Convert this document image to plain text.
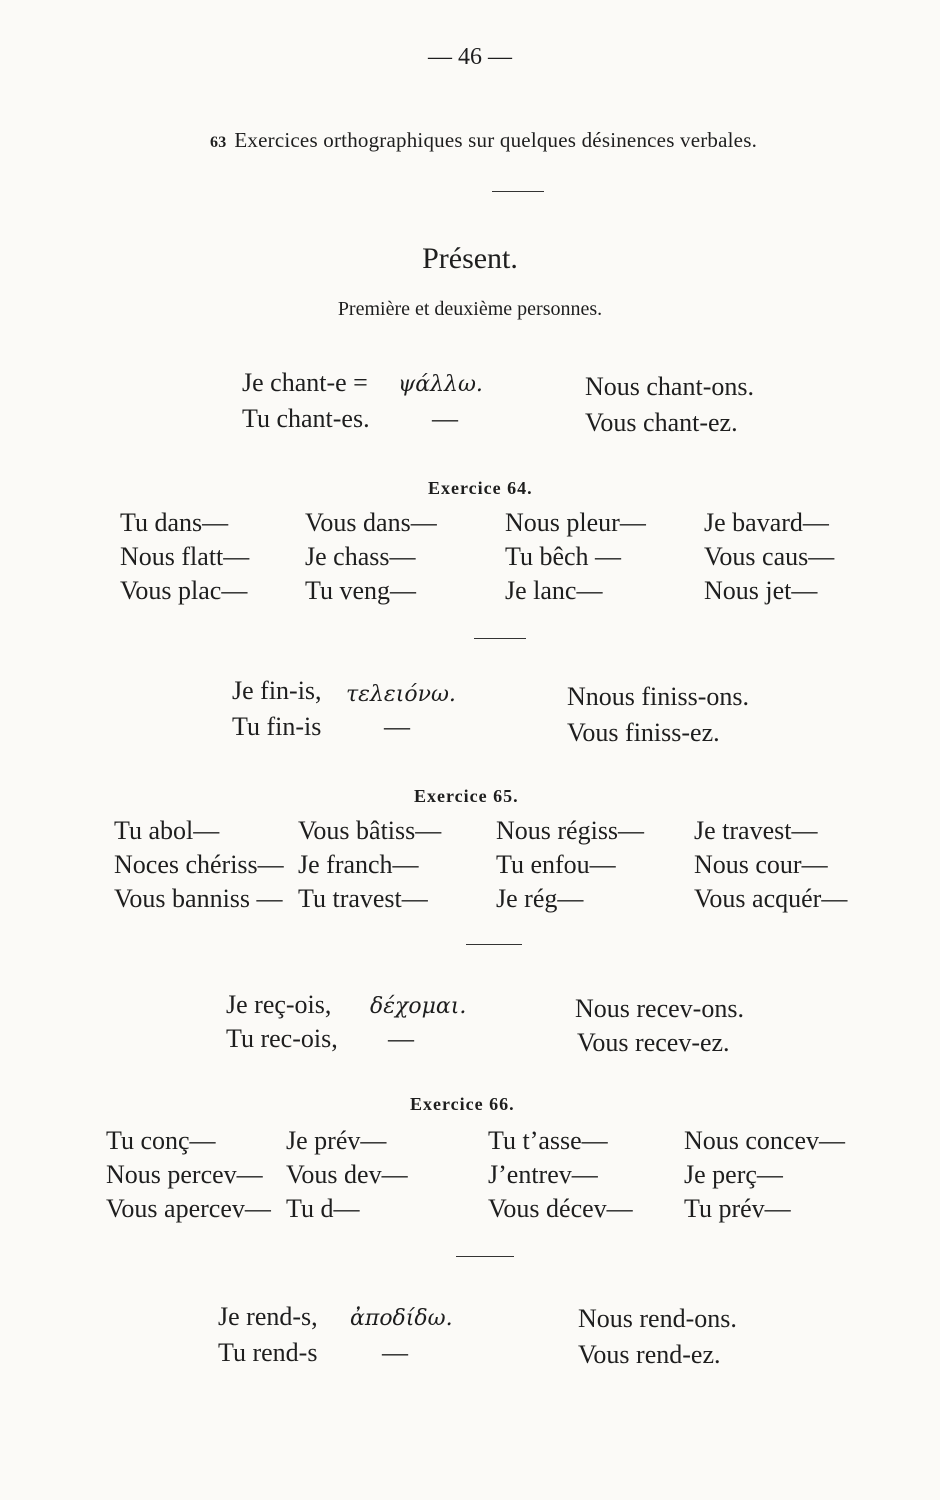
— 46 —
63 Exercices orthographiques sur quelques désinences verbales.
Présent.
Première et deuxième personnes.
Je chant-e = ψάλλω.	Nous chant-ons.
Tu chant-es. —	Vous chant-ez.
Exercice 64.
Tu dans—	Vous dans—	Nous pleur— Je bavard—
Nous flatt— Je chass—	Tu bêch —	Vous caus—
Vous plac— Tu veng—	Je lanc—	Nous jet—
Je fin-is, τελειόνω.	Nnous finiss-ons.
Tu fin-is —	Vous finiss-ez.
Exercice 65.
Tu abol—	Vous bâtiss— Nous régiss— Je travest—
Noces chériss— Je franch—	Tu enfou—	Nous cour—
Vous banniss — Tu travest—	Je rég—	Vous acquér—
Je reç-ois, δέχομαι.	Nous recev-ons.
Tu rec-ois, —	Vous recev-ez.
Exercice 66.
Tu conç—	Je prév—	Tu t’asse—	Nous concev—
Nous percev— Vous dev—	J’entrev—	Je perç—
Vous apercev— Tu d—	Vous décev— Tu prév—
Je rend-s, ἀποδίδω.	Nous rend-ons.
Tu rend-s —	Vous rend-ez.
